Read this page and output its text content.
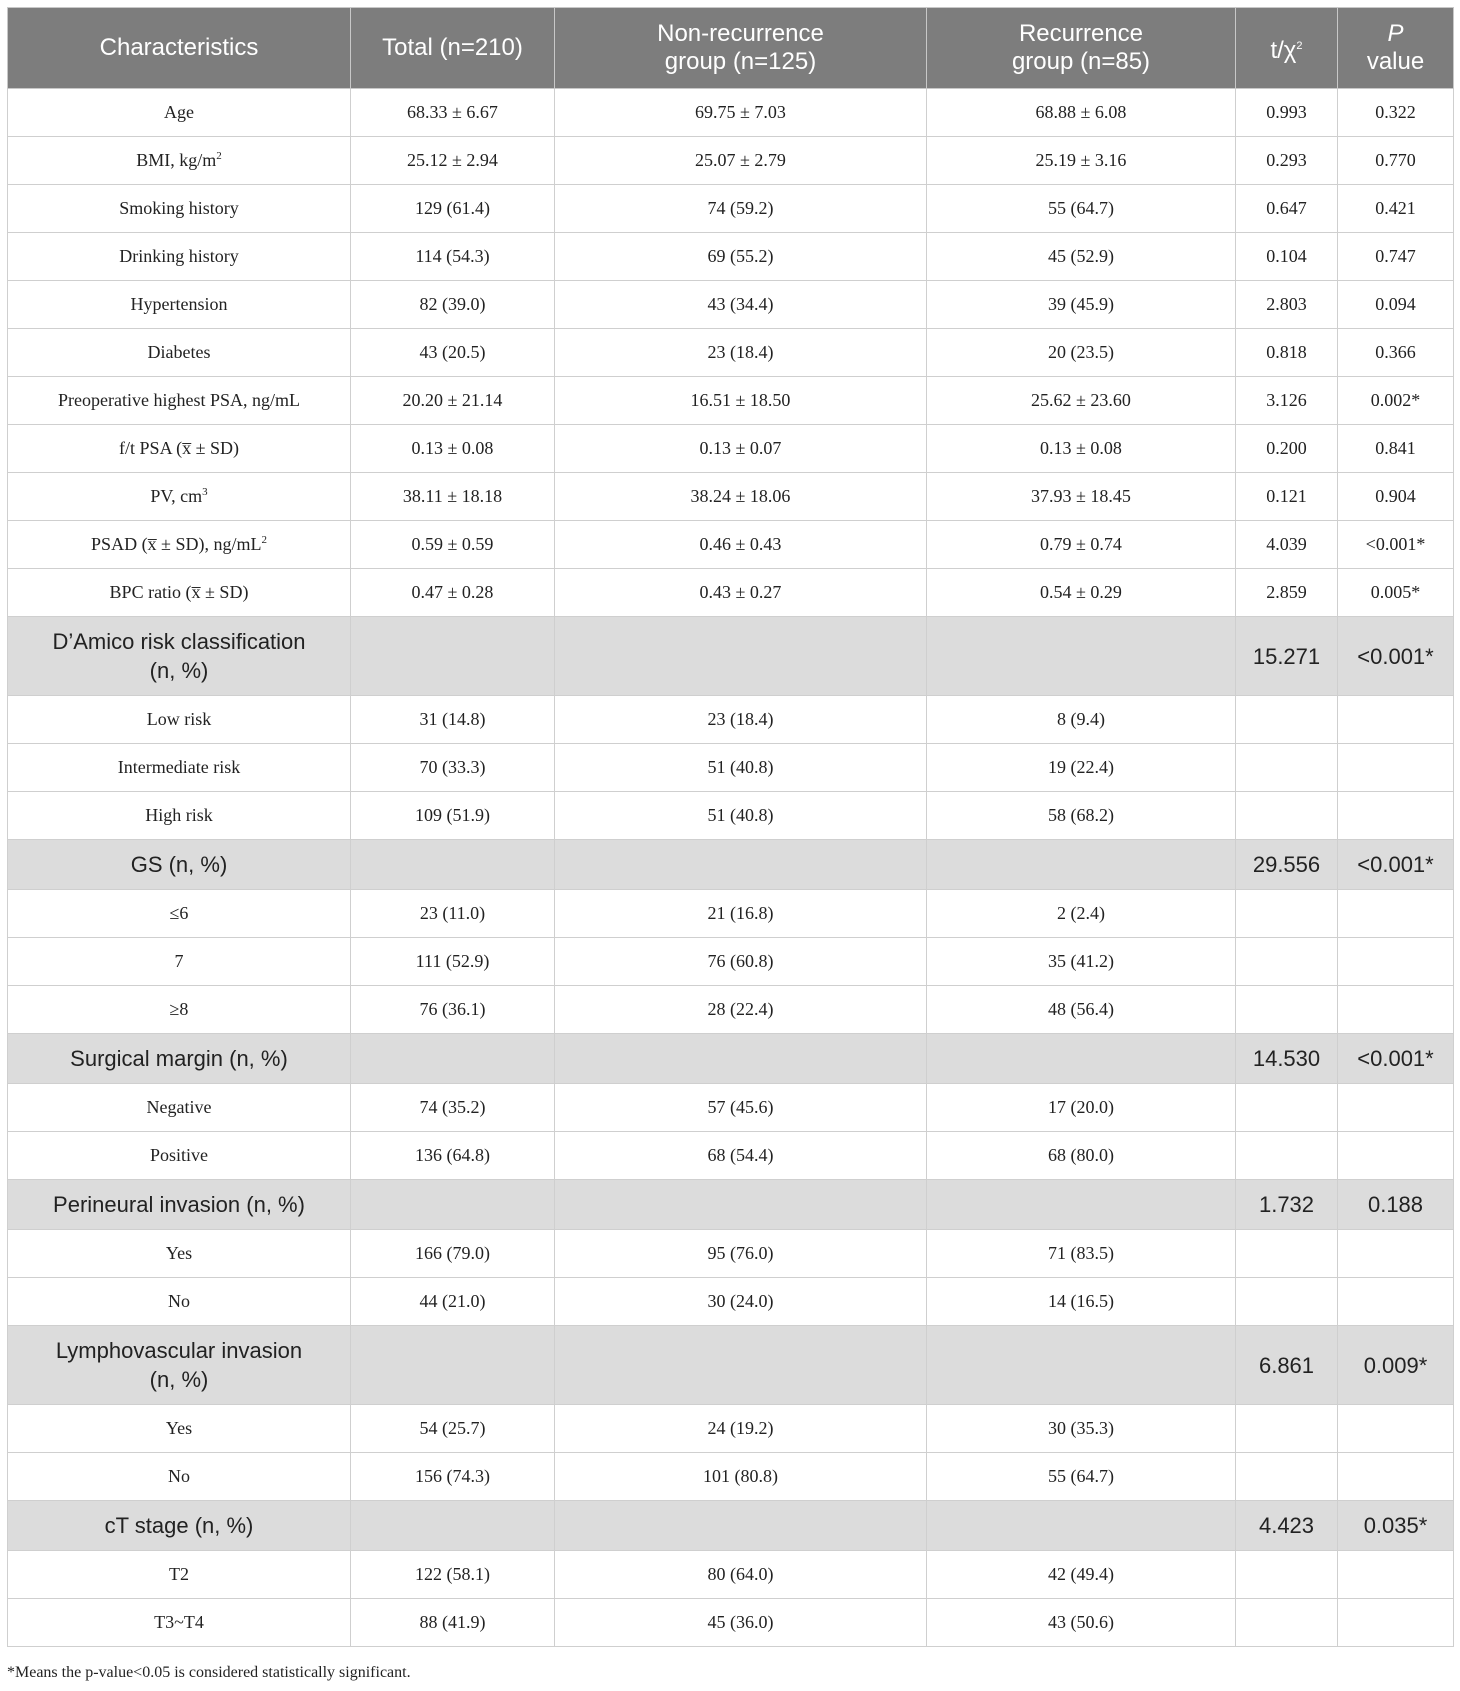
Characteristics	Total (n=210)	Non-recurrence
group (n=125)	Recurrence
group (n=85)	$t/\chi^2$	P
value
Age	68.33 ± 6.67	69.75 ± 7.03	68.88 ± 6.08	0.993	0.322
BMI, $kg/m^2$	25.12 ± 2.94	25.07 ± 2.79	25.19 ± 3.16	0.293	0.770
Smoking history	129 (61.4)	74 (59.2)	55 (64.7)	0.647	0.421
Drinking history	114 (54.3)	69 (55.2)	45 (52.9)	0.104	0.747
Hypertension	82 (39.0)	43 (34.4)	39 (45.9)	2.803	0.094
Diabetes	43 (20.5)	23 (18.4)	20 (23.5)	0.818	0.366
Preoperative highest PSA, ng/mL	20.20 ± 21.14	16.51 ± 18.50	25.62 ± 23.60	3.126	0.002*
f/t PSA (x̅ ± SD)	0.13 ± 0.08	0.13 ± 0.07	0.13 ± 0.08	0.200	0.841
PV, $cm^3$	38.11 ± 18.18	38.24 ± 18.06	37.93 ± 18.45	0.121	0.904
PSAD (x̅ ± SD), $ng/mL^2$	0.59 ± 0.59	0.46 ± 0.43	0.79 ± 0.74	4.039	<0.001*
BPC ratio (x̅ ± SD)	0.47 ± 0.28	0.43 ± 0.27	0.54 ± 0.29	2.859	0.005*
D’Amico risk classification
(n, %)				15.271	<0.001*
Low risk	31 (14.8)	23 (18.4)	8 (9.4)		
Intermediate risk	70 (33.3)	51 (40.8)	19 (22.4)		
High risk	109 (51.9)	51 (40.8)	58 (68.2)		
GS (n, %)				29.556	<0.001*
≤6	23 (11.0)	21 (16.8)	2 (2.4)		
7	111 (52.9)	76 (60.8)	35 (41.2)		
≥8	76 (36.1)	28 (22.4)	48 (56.4)		
Surgical margin (n, %)				14.530	<0.001*
Negative	74 (35.2)	57 (45.6)	17 (20.0)		
Positive	136 (64.8)	68 (54.4)	68 (80.0)		
Perineural invasion (n, %)				1.732	0.188
Yes	166 (79.0)	95 (76.0)	71 (83.5)		
No	44 (21.0)	30 (24.0)	14 (16.5)		
Lymphovascular invasion
(n, %)				6.861	0.009*
Yes	54 (25.7)	24 (19.2)	30 (35.3)		
No	156 (74.3)	101 (80.8)	55 (64.7)		
cT stage (n, %)				4.423	0.035*
T2	122 (58.1)	80 (64.0)	42 (49.4)		
T3~T4	88 (41.9)	45 (36.0)	43 (50.6)		
*Means the p-value<0.05 is considered statistically significant.
